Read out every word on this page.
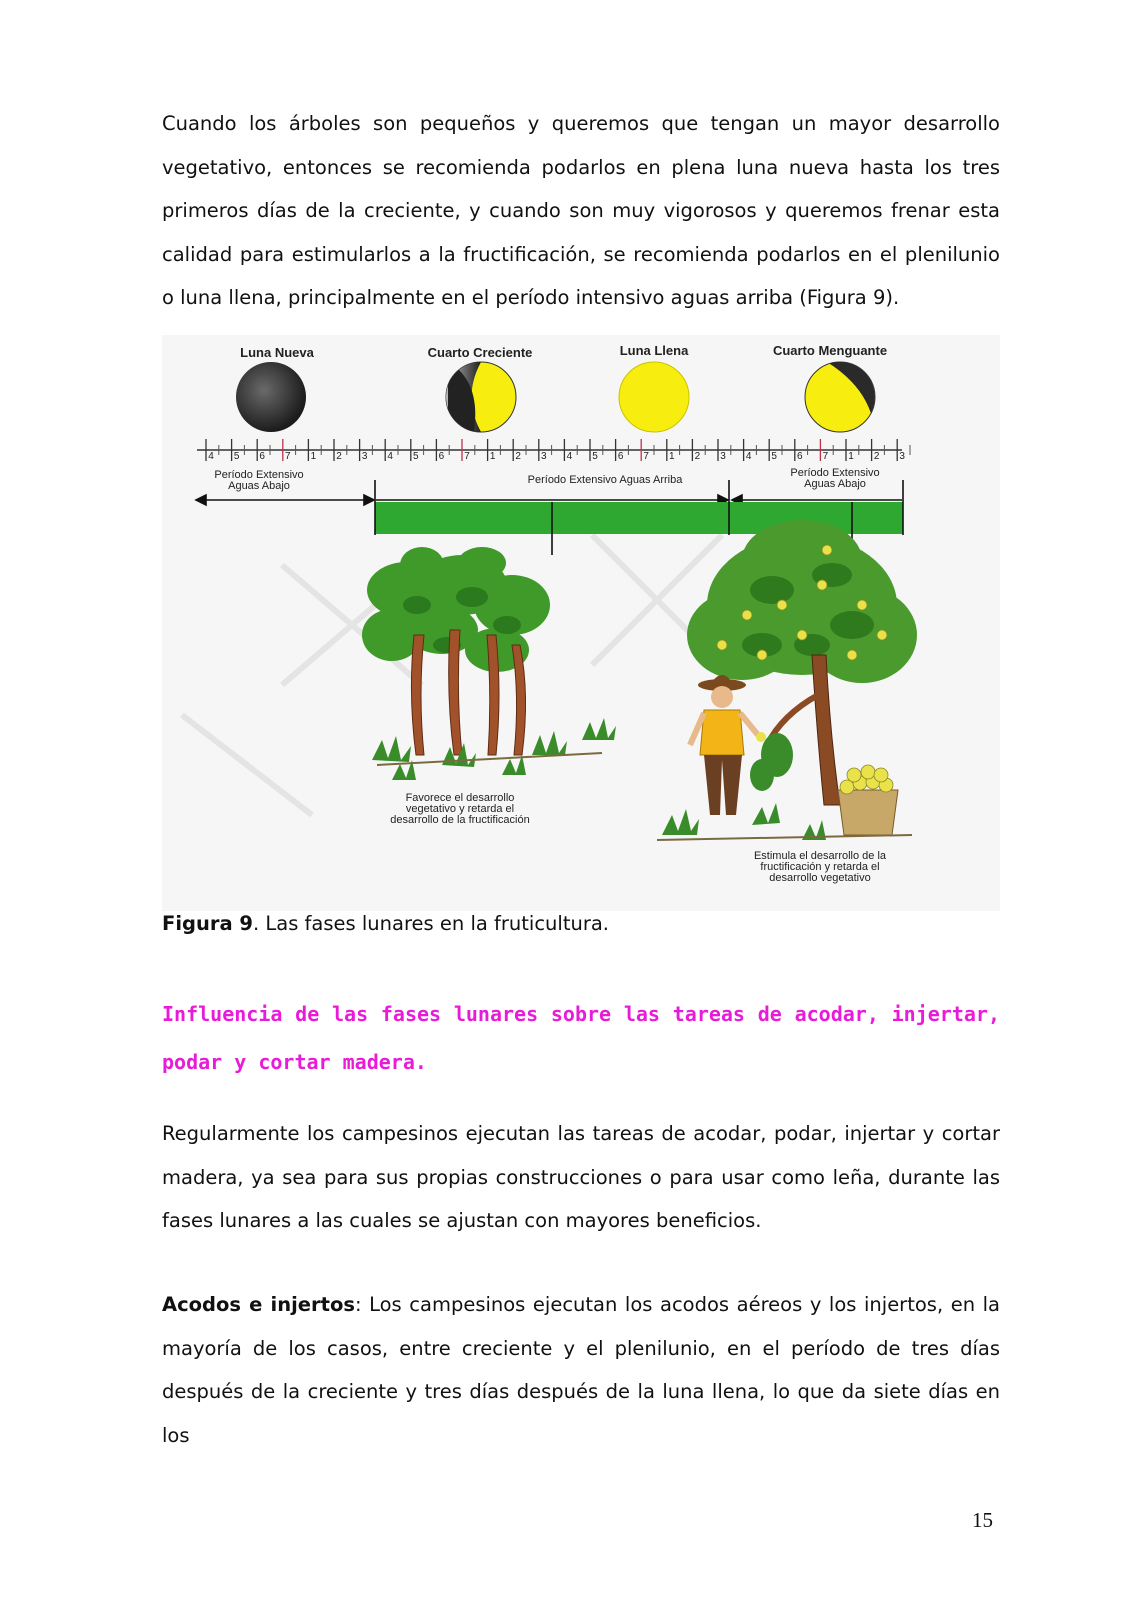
Cuando los árboles son pequeños y queremos que tengan un mayor desarrollo vegetativo, entonces se recomienda podarlos en plena luna nueva hasta los tres primeros días de la creciente, y cuando son muy vigorosos y queremos frenar esta calidad para estimularlos a la fructificación, se recomienda podarlos en el plenilunio o luna llena, principalmente en el período intensivo aguas arriba (Figura 9).

Luna Nueva	Cuarto Creciente	Luna Llena	Cuarto Menguante
4 5 6 7 1 2 3 4 5 6 7 1 2 3 4 5 6 7 1 2 3 4 5 6 7 1 2 3
Período Extensivo
Aguas Abajo	Período Extensivo Aguas Arriba
Período Extensivo
Aguas Abajo
Favorece el desarrollo
vegetativo y retarda el
desarrollo de la fructificación
Estimula el desarrollo de la
fructificación y retarda el
desarrollo vegetativo

Figura 9. Las fases lunares en la fruticultura.

Influencia de las fases lunares sobre las tareas de acodar, injertar, podar y cortar madera.

Regularmente los campesinos ejecutan las tareas de acodar, podar, injertar y cortar madera, ya sea para sus propias construcciones o para usar como leña, durante las fases lunares a las cuales se ajustan con mayores beneficios.

Acodos e injertos: Los campesinos ejecutan los acodos aéreos y los injertos, en la mayoría de los casos, entre creciente y el plenilunio, en el período de tres días después de la creciente y tres días después de la luna llena, lo que da siete días en los

15
